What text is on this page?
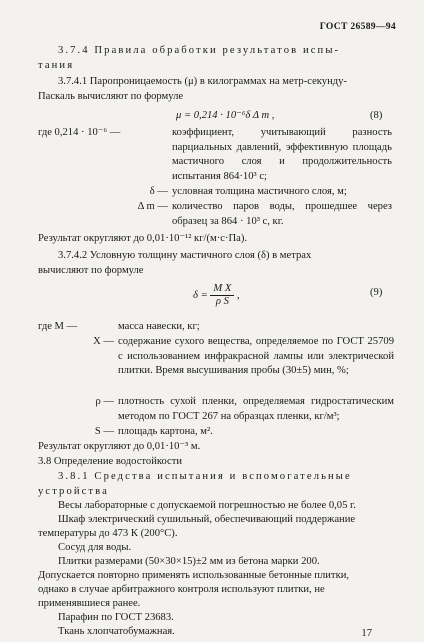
ГОСТ 26589—94
3.7.4 Правила обработки результатов испы-
тания
3.7.4.1 Паропроницаемость (μ) в килограммах на метр-секунду-
Паскаль вычисляют по формуле
μ = 0,214 · 10⁻⁶δ Δ m ,	(8)
где 0,214 · 10⁻⁶ —	коэффициент, учитывающий разность парциальных давлений, эффективную площадь мастичного слоя и продолжительность испытания 864·10³ с;
δ — условная толщина мастичного слоя, м;
Δ m — количество паров воды, прошедшее через образец за 864 · 10³ с, кг.
Результат округляют до 0,01·10⁻¹² кг/(м·с·Па).
3.7.4.2 Условную толщину мастичного слоя (δ) в метрах
вычисляют по формуле
$\delta = \frac{\text{M X}}{\text{ρ S}}$ ,	(9)
где M —	масса навески, кг;
X — содержание сухого вещества, определяемое по ГОСТ 25709 с использованием инфракрасной лампы или электрической плитки. Время высушивания пробы (30±5) мин, %;
ρ — плотность сухой пленки, определяемая гидростатическим методом по ГОСТ 267 на образцах пленки, кг/м³;
S — площадь картона, м².
Результат округляют до 0,01·10⁻³ м.
3.8 Определение водостойкости
3.8.1 Средства испытания и вспомогательные
устройства
Весы лабораторные с допускаемой погрешностью не более 0,05 г.
Шкаф электрический сушильный, обеспечивающий поддержание
температуры до 473 К (200°С).
Сосуд для воды.
Плитки размерами (50×30×15)±2 мм из бетона марки 200.
Допускается повторно применять использованные бетонные плитки,
однако в случае арбитражного контроля используют плитки, не
применявшиеся ранее.
17
Парафин по ГОСТ 23683.
Ткань хлопчатобумажная.
